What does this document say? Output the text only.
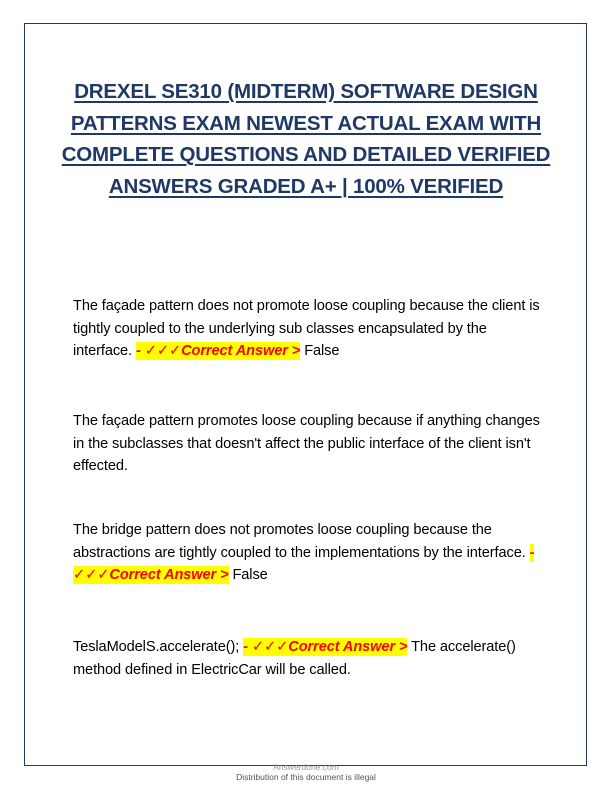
DREXEL SE310 (MIDTERM) SOFTWARE DESIGN PATTERNS EXAM NEWEST ACTUAL EXAM WITH COMPLETE QUESTIONS AND DETAILED VERIFIED ANSWERS GRADED A+ | 100% VERIFIED
The façade pattern does not promote loose coupling because the client is tightly coupled to the underlying sub classes encapsulated by the interface. - ✓✓✓Correct Answer > False
The façade pattern promotes loose coupling because if anything changes in the subclasses that doesn't affect the public interface of the client isn't effected.
The bridge pattern does not promotes loose coupling because the abstractions are tightly coupled to the implementations by the interface. - ✓✓✓Correct Answer > False
TeslaModelS.accelerate(); - ✓✓✓Correct Answer > The accelerate() method defined in ElectricCar will be called.
Answerdone.com
Distribution of this document is illegal
